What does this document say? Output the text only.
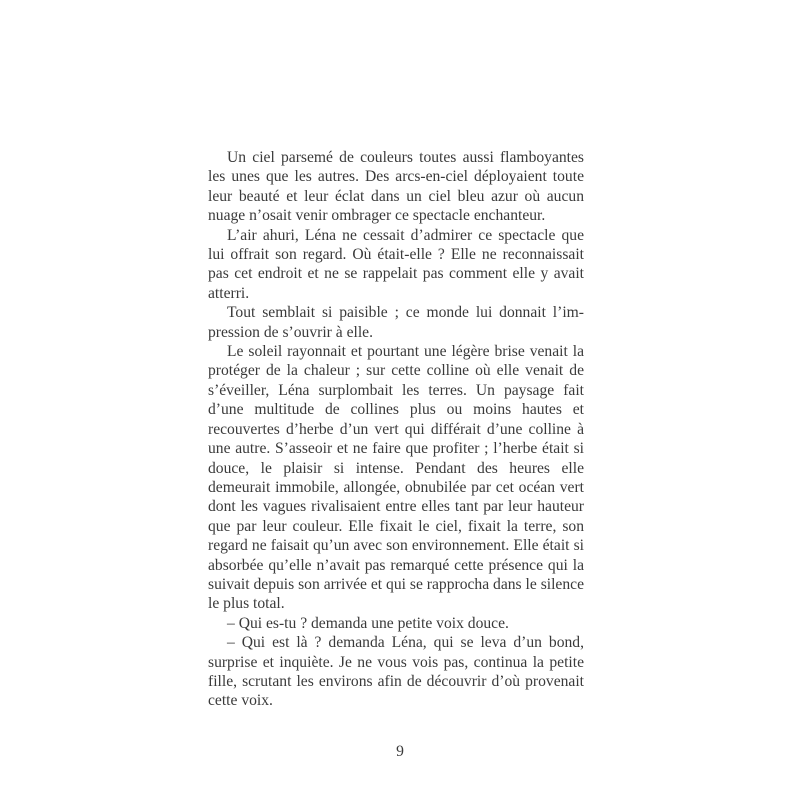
Un ciel parsemé de couleurs toutes aussi flamboyantes les unes que les autres. Des arcs-en-ciel déployaient toute leur beauté et leur éclat dans un ciel bleu azur où aucun nuage n’osait venir ombrager ce spectacle enchanteur.

L’air ahuri, Léna ne cessait d’admirer ce spectacle que lui offrait son regard. Où était-elle ? Elle ne reconnaissait pas cet endroit et ne se rappelait pas comment elle y avait atterri.

Tout semblait si paisible ; ce monde lui donnait l’impression de s’ouvrir à elle.

Le soleil rayonnait et pourtant une légère brise venait la protéger de la chaleur ; sur cette colline où elle venait de s’éveiller, Léna surplombait les terres. Un paysage fait d’une multitude de collines plus ou moins hautes et recouvertes d’herbe d’un vert qui différait d’une colline à une autre. S’asseoir et ne faire que profiter ; l’herbe était si douce, le plaisir si intense. Pendant des heures elle demeurait immobile, allongée, obnubilée par cet océan vert dont les vagues rivalisaient entre elles tant par leur hauteur que par leur couleur. Elle fixait le ciel, fixait la terre, son regard ne faisait qu’un avec son environnement. Elle était si absorbée qu’elle n’avait pas remarqué cette présence qui la suivait depuis son arrivée et qui se rapprocha dans le silence le plus total.

– Qui es-tu ? demanda une petite voix douce.

– Qui est là ? demanda Léna, qui se leva d’un bond, surprise et inquiète. Je ne vous vois pas, continua la petite fille, scrutant les environs afin de découvrir d’où provenait cette voix.

9
